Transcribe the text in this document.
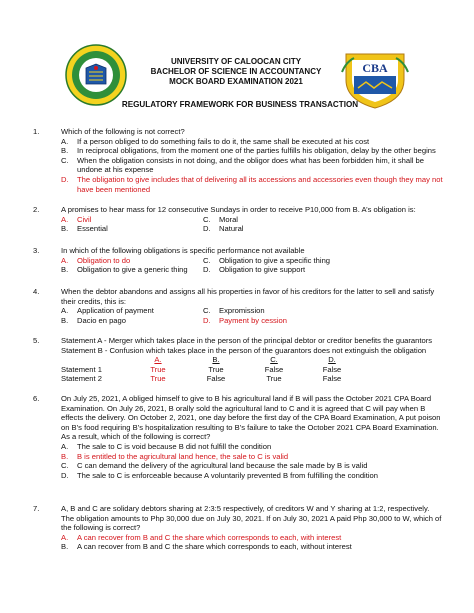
CBA
UNIVERSITY OF CALOOCAN CITY
BACHELOR OF SCIENCE IN ACCOUNTANCY
MOCK BOARD EXAMINATION 2021
REGULATORY FRAMEWORK FOR BUSINESS TRANSACTION
1.	Which of the following is not correct?
A.	If a person obliged to do something fails to do it, the same shall be executed at his cost
B.	In reciprocal obligations, from the moment one of the parties fulfills his obligation, delay by the other begins
C.	When the obligation consists in not doing, and the obligor does what has been forbidden him, it shall be undone at his expense
D.	The obligation to give includes that of delivering all its accessions and accessories even though they may not have been mentioned
2.	A promises to hear mass for 12 consecutive Sundays in order to receive P10,000 from B. A’s obligation is:
A. Civil	C. Moral
B. Essential	D. Natural
3.	In which of the following obligations is specific performance not available
A. Obligation to do	C. Obligation to give a specific thing
B. Obligation to give a generic thing	D. Obligation to give support
4.	When the debtor abandons and assigns all his properties in favor of his creditors for the latter to sell and satisfy their credits, this is:
A. Application of payment	C. Expromission
B. Dacio en pago	D. Payment by cession
5.	Statement A - Merger which takes place in the person of the principal debtor or creditor benefits the guarantors
Statement B - Confusion which takes place in the person of the guarantors does not extinguish the obligation
	A.	B.	C.	D.
Statement 1	True	True	False	False
Statement 2	True	False	True	False
6.	On July 25, 2021, A obliged himself to give to B his agricultural land if B will pass the October 2021 CPA Board Examination. On July 26, 2021, B orally sold the agricultural land to C and it is agreed that C will pay when B effects the delivery. On October 2, 2021, one day before the first day of the CPA Board Examination, A put poison on B’s food requiring B’s hospitalization resulting to B’s failure to take the October 2021 CPA Board Examination. As a result, which of the following is correct?
A.	The sale to C is void because B did not fulfill the condition
B.	B is entitled to the agricultural land hence, the sale to C is valid
C.	C can demand the delivery of the agricultural land because the sale made by B is valid
D.	The sale to C is enforceable because A voluntarily prevented B from fulfilling the condition
7.	A, B and C are solidary debtors sharing at 2:3:5 respectively, of creditors W and Y sharing at 1:2, respectively. The obligation amounts to Php 30,000 due on July 30, 2021. If on July 30, 2021 A paid Php 30,000 to W, which of the following is correct?
A.	A can recover from B and C the share which corresponds to each, with interest
B.	A can recover from B and C the share which corresponds to each, without interest
